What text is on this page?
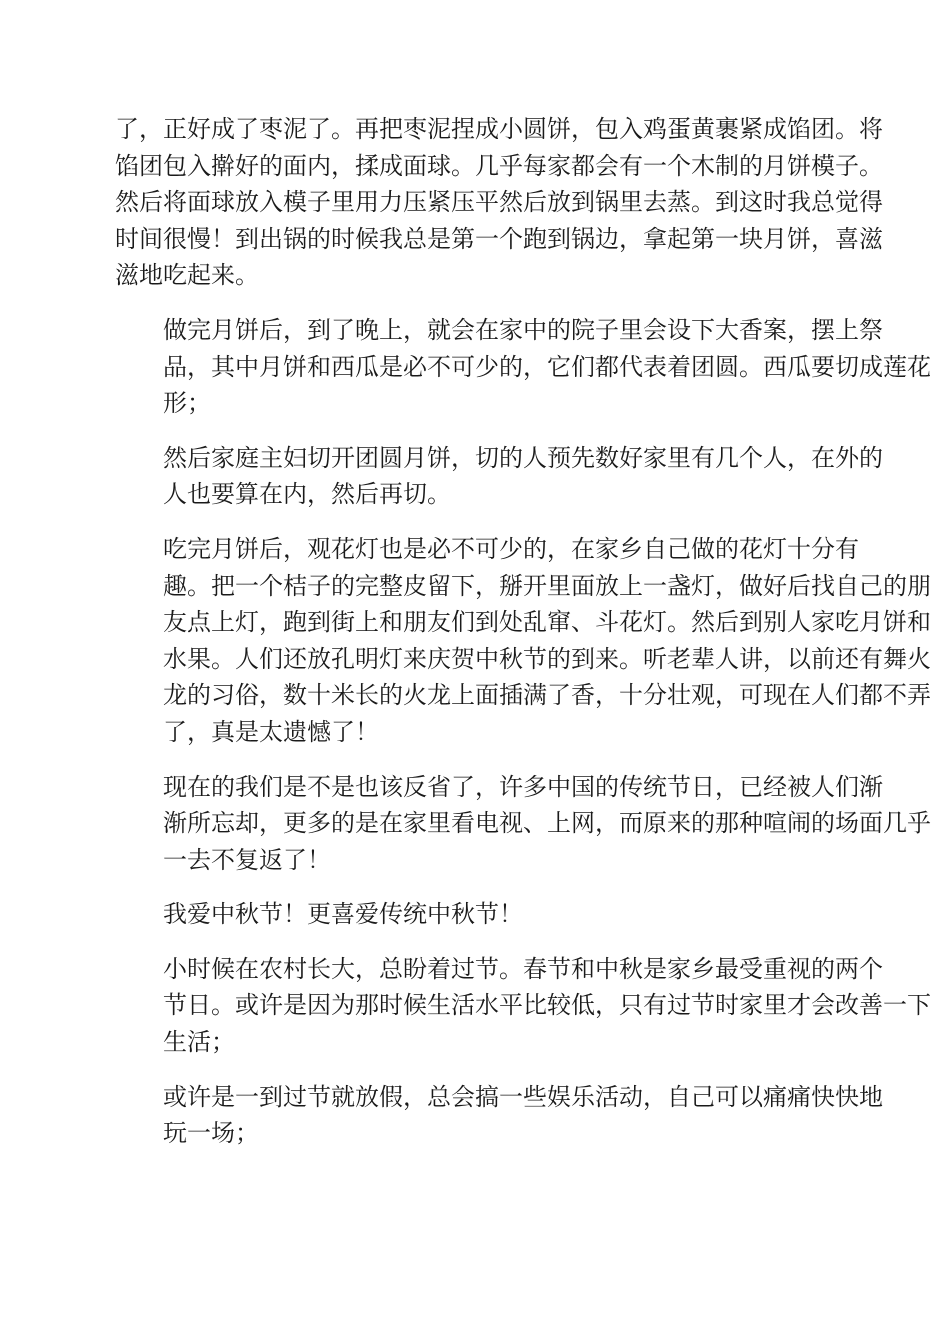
了，正好成了枣泥了。再把枣泥捏成小圆饼，包入鸡蛋黄裹紧成馅团。将
馅团包入擀好的面内，揉成面球。几乎每家都会有一个木制的月饼模子。
然后将面球放入模子里用力压紧压平然后放到锅里去蒸。到这时我总觉得
时间很慢！到出锅的时候我总是第一个跑到锅边，拿起第一块月饼，喜滋
滋地吃起来。

做完月饼后，到了晚上，就会在家中的院子里会设下大香案，摆上祭
品，其中月饼和西瓜是必不可少的，它们都代表着团圆。西瓜要切成莲花
形；

然后家庭主妇切开团圆月饼，切的人预先数好家里有几个人，在外的
人也要算在内，然后再切。

吃完月饼后，观花灯也是必不可少的，在家乡自己做的花灯十分有
趣。把一个桔子的完整皮留下，掰开里面放上一盏灯，做好后找自己的朋
友点上灯，跑到街上和朋友们到处乱窜、斗花灯。然后到别人家吃月饼和
水果。人们还放孔明灯来庆贺中秋节的到来。听老辈人讲，以前还有舞火
龙的习俗，数十米长的火龙上面插满了香，十分壮观，可现在人们都不弄
了，真是太遗憾了！

现在的我们是不是也该反省了，许多中国的传统节日，已经被人们渐
渐所忘却，更多的是在家里看电视、上网，而原来的那种喧闹的场面几乎
一去不复返了！

我爱中秋节！更喜爱传统中秋节！

小时候在农村长大，总盼着过节。春节和中秋是家乡最受重视的两个
节日。或许是因为那时候生活水平比较低，只有过节时家里才会改善一下
生活；

或许是一到过节就放假，总会搞一些娱乐活动，自己可以痛痛快快地
玩一场；
